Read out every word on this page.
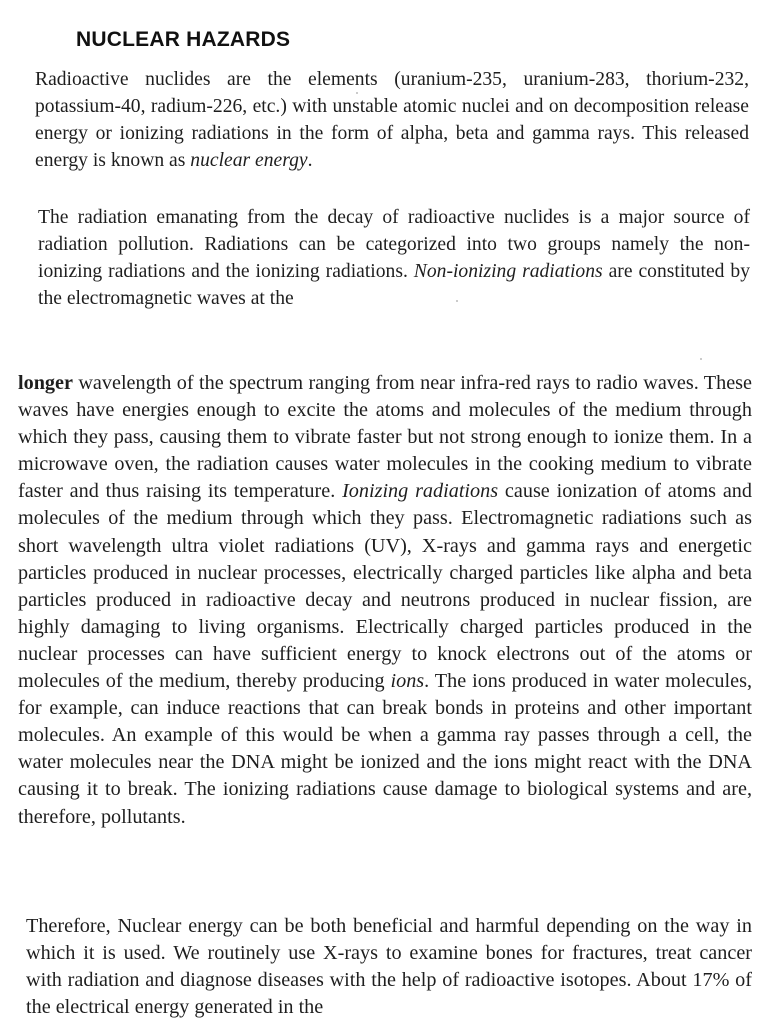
NUCLEAR HAZARDS

Radioactive nuclides are the elements (uranium-235, uranium-283, thorium-232, potassium-40, radium-226, etc.) with unstable atomic nuclei and on decomposition release energy or ionizing radiations in the form of alpha, beta and gamma rays. This released energy is known as nuclear energy.

The radiation emanating from the decay of radioactive nuclides is a major source of radiation pollution. Radiations can be categorized into two groups namely the non-ionizing radiations and the ionizing radiations. Non-ionizing radiations are constituted by the electromagnetic waves at the

longer wavelength of the spectrum ranging from near infra-red rays to radio waves. These waves have energies enough to excite the atoms and molecules of the medium through which they pass, causing them to vibrate faster but not strong enough to ionize them. In a microwave oven, the radiation causes water molecules in the cooking medium to vibrate faster and thus raising its temperature. Ionizing radiations cause ionization of atoms and molecules of the medium through which they pass. Electromagnetic radiations such as short wavelength ultra violet radiations (UV), X-rays and gamma rays and energetic particles produced in nuclear processes, electrically charged particles like alpha and beta particles produced in radioactive decay and neutrons produced in nuclear fission, are highly damaging to living organisms. Electrically charged particles produced in the nuclear processes can have sufficient energy to knock electrons out of the atoms or molecules of the medium, thereby producing ions. The ions produced in water molecules, for example, can induce reactions that can break bonds in proteins and other important molecules. An example of this would be when a gamma ray passes through a cell, the water molecules near the DNA might be ionized and the ions might react with the DNA causing it to break. The ionizing radiations cause damage to biological systems and are, therefore, pollutants.

Therefore, Nuclear energy can be both beneficial and harmful depending on the way in which it is used. We routinely use X-rays to examine bones for fractures, treat cancer with radiation and diagnose diseases with the help of radioactive isotopes. About 17% of the electrical energy generated in the
